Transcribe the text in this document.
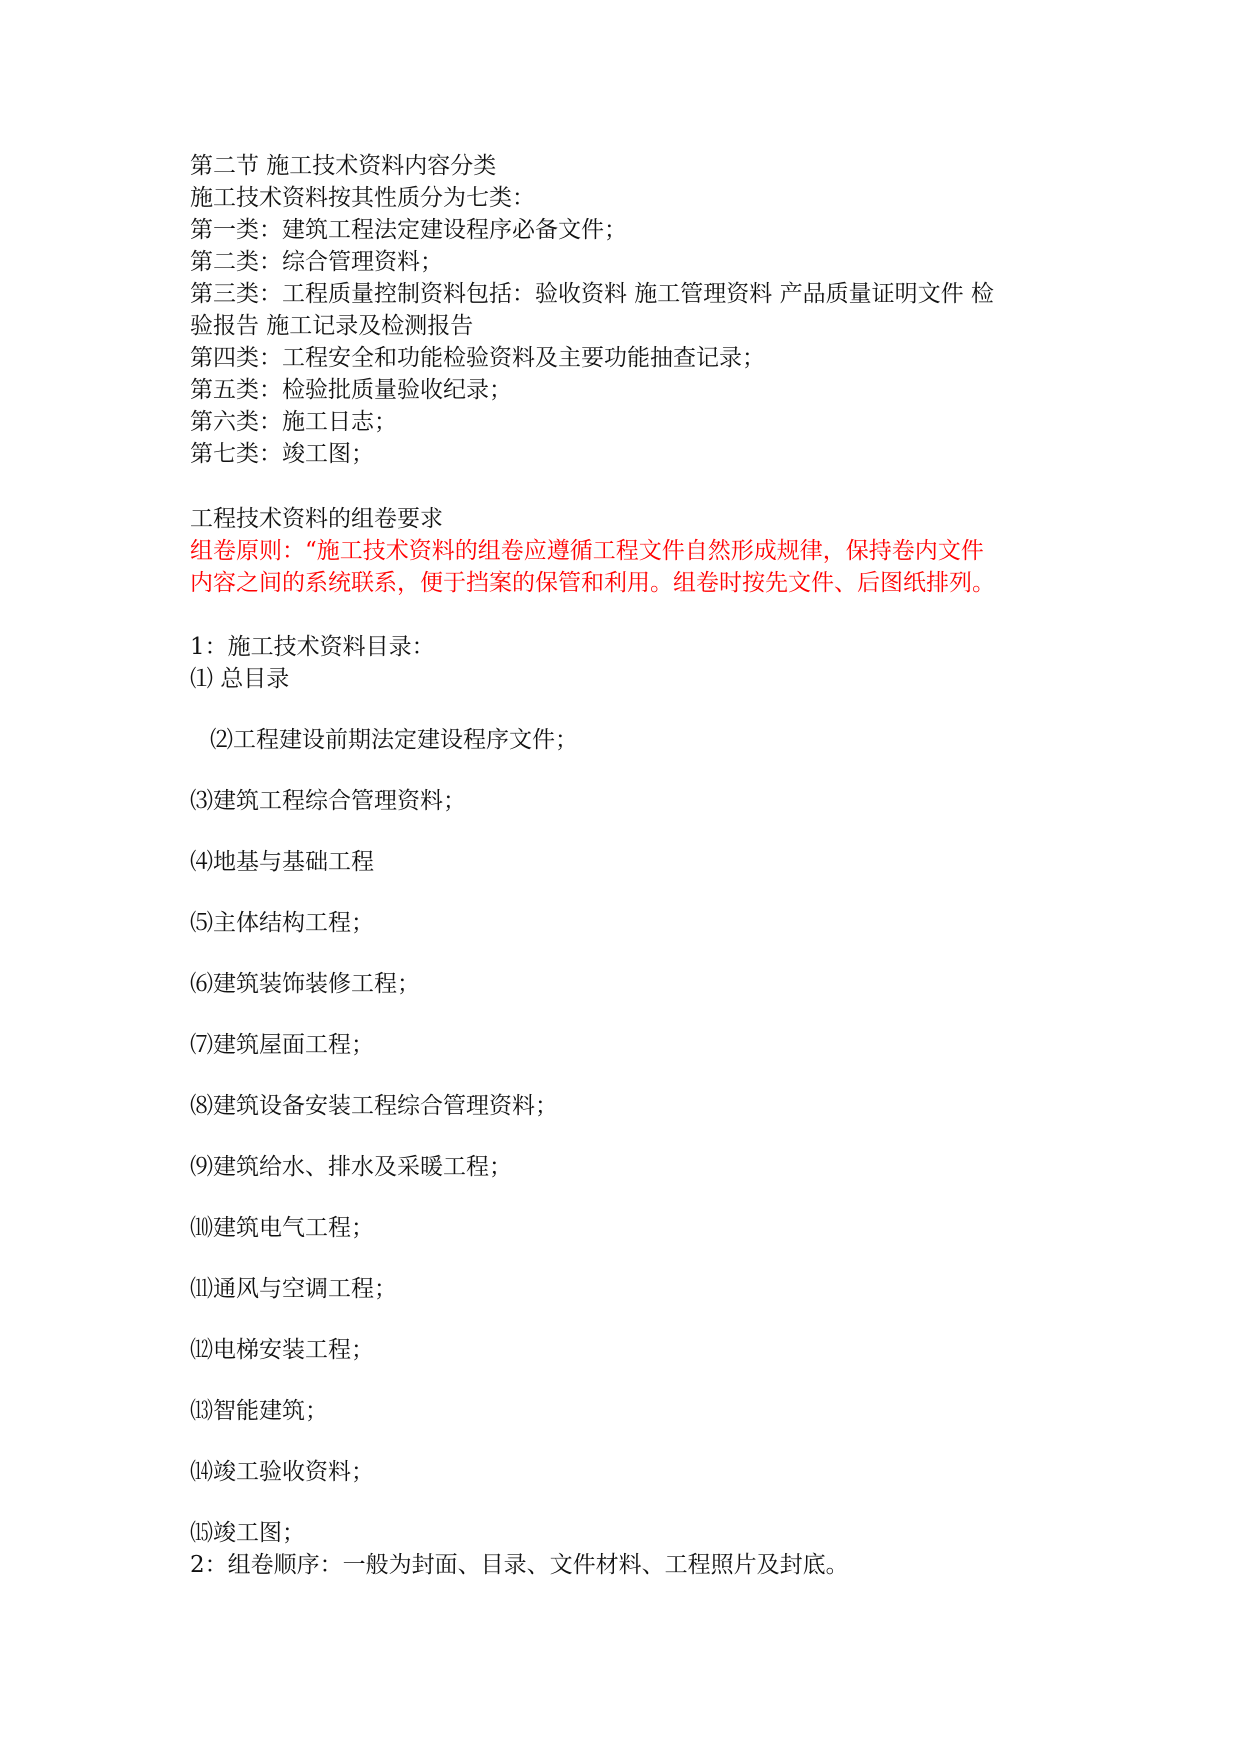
第二节 施工技术资料内容分类
施工技术资料按其性质分为七类：
第一类：建筑工程法定建设程序必备文件；
第二类：综合管理资料；
第三类：工程质量控制资料包括：验收资料 施工管理资料 产品质量证明文件 检
验报告 施工记录及检测报告
第四类：工程安全和功能检验资料及主要功能抽查记录；
第五类：检验批质量验收纪录；
第六类：施工日志；
第七类：竣工图；
工程技术资料的组卷要求
组卷原则：“施工技术资料的组卷应遵循工程文件自然形成规律，保持卷内文件
内容之间的系统联系，便于挡案的保管和利用。组卷时按先文件、后图纸排列。
1：施工技术资料目录：
⑴ 总目录
⑵工程建设前期法定建设程序文件；
⑶建筑工程综合管理资料；
⑷地基与基础工程
⑸主体结构工程；
⑹建筑装饰装修工程；
⑺建筑屋面工程；
⑻建筑设备安装工程综合管理资料；
⑼建筑给水、排水及采暖工程；
⑽建筑电气工程；
⑾通风与空调工程；
⑿电梯安装工程；
⒀智能建筑；
⒁竣工验收资料；
⒂竣工图；
2：组卷顺序：一般为封面、目录、文件材料、工程照片及封底。
